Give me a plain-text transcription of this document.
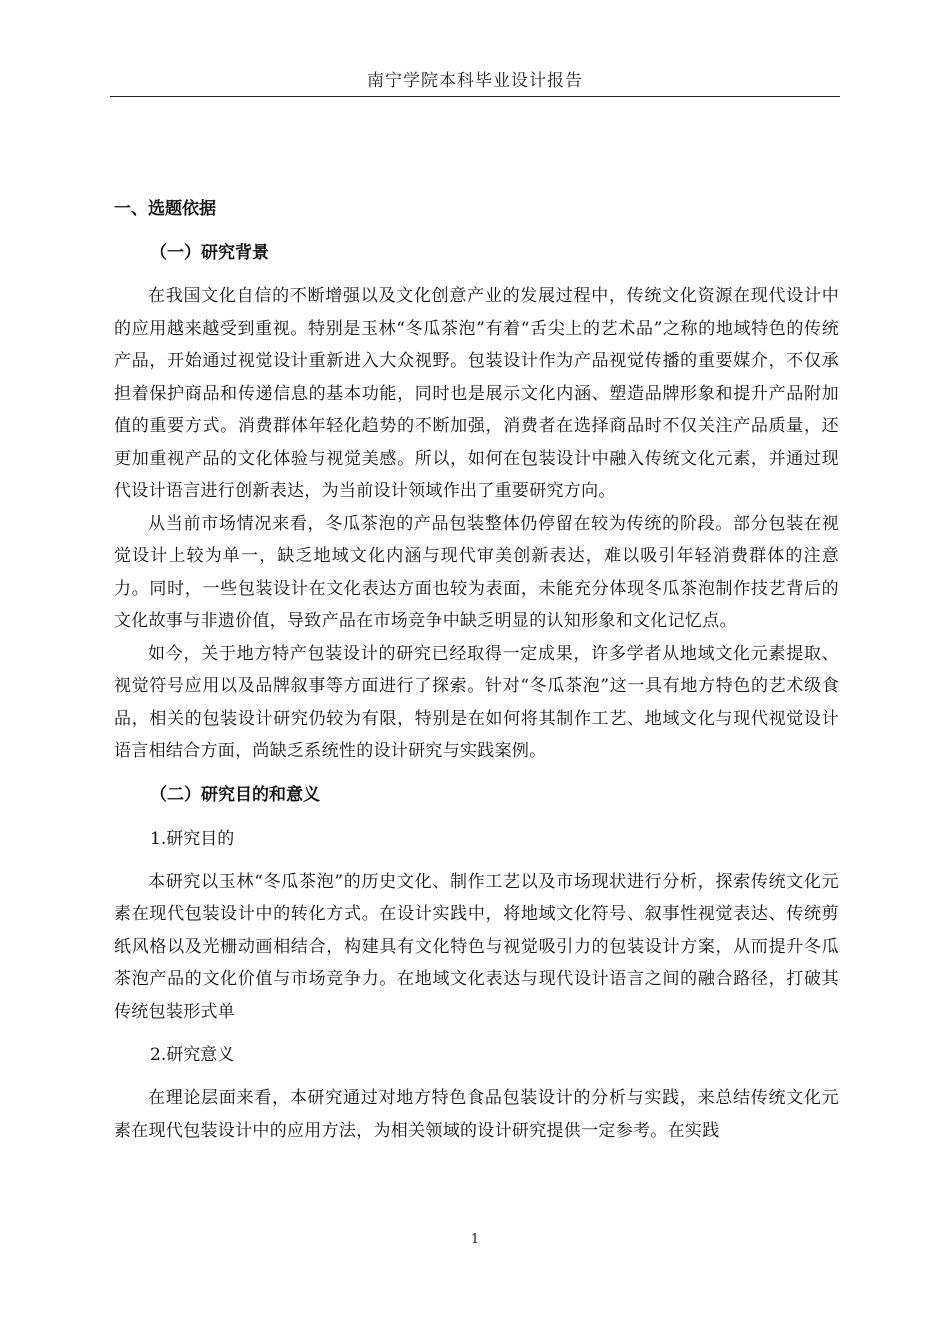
南宁学院本科毕业设计报告
一、选题依据
（一）研究背景

在我国文化自信的不断增强以及文化创意产业的发展过程中，传统文化资源在现代设计中的应用越来越受到重视。特别是玉林“冬瓜茶泡”有着“舌尖上的艺术品”之称的地域特色的传统产品，开始通过视觉设计重新进入大众视野。包装设计作为产品视觉传播的重要媒介，不仅承担着保护商品和传递信息的基本功能，同时也是展示文化内涵、塑造品牌形象和提升产品附加值的重要方式。消费群体年轻化趋势的不断加强，消费者在选择商品时不仅关注产品质量，还更加重视产品的文化体验与视觉美感。所以，如何在包装设计中融入传统文化元素，并通过现代设计语言进行创新表达，为当前设计领域作出了重要研究方向。

从当前市场情况来看，冬瓜茶泡的产品包装整体仍停留在较为传统的阶段。部分包装在视觉设计上较为单一，缺乏地域文化内涵与现代审美创新表达，难以吸引年轻消费群体的注意力。同时，一些包装设计在文化表达方面也较为表面，未能充分体现冬瓜茶泡制作技艺背后的文化故事与非遗价值，导致产品在市场竞争中缺乏明显的认知形象和文化记忆点。

如今，关于地方特产包装设计的研究已经取得一定成果，许多学者从地域文化元素提取、视觉符号应用以及品牌叙事等方面进行了探索。针对“冬瓜茶泡”这一具有地方特色的艺术级食品，相关的包装设计研究仍较为有限，特别是在如何将其制作工艺、地域文化与现代视觉设计语言相结合方面，尚缺乏系统性的设计研究与实践案例。

（二）研究目的和意义
1.研究目的

本研究以玉林“冬瓜茶泡”的历史文化、制作工艺以及市场现状进行分析，探索传统文化元素在现代包装设计中的转化方式。在设计实践中，将地域文化符号、叙事性视觉表达、传统剪纸风格以及光栅动画相结合，构建具有文化特色与视觉吸引力的包装设计方案，从而提升冬瓜茶泡产品的文化价值与市场竞争力。在地域文化表达与现代设计语言之间的融合路径，打破其传统包装形式单

2.研究意义

在理论层面来看，本研究通过对地方特色食品包装设计的分析与实践，来总结传统文化元素在现代包装设计中的应用方法，为相关领域的设计研究提供一定参考。在实践

1
